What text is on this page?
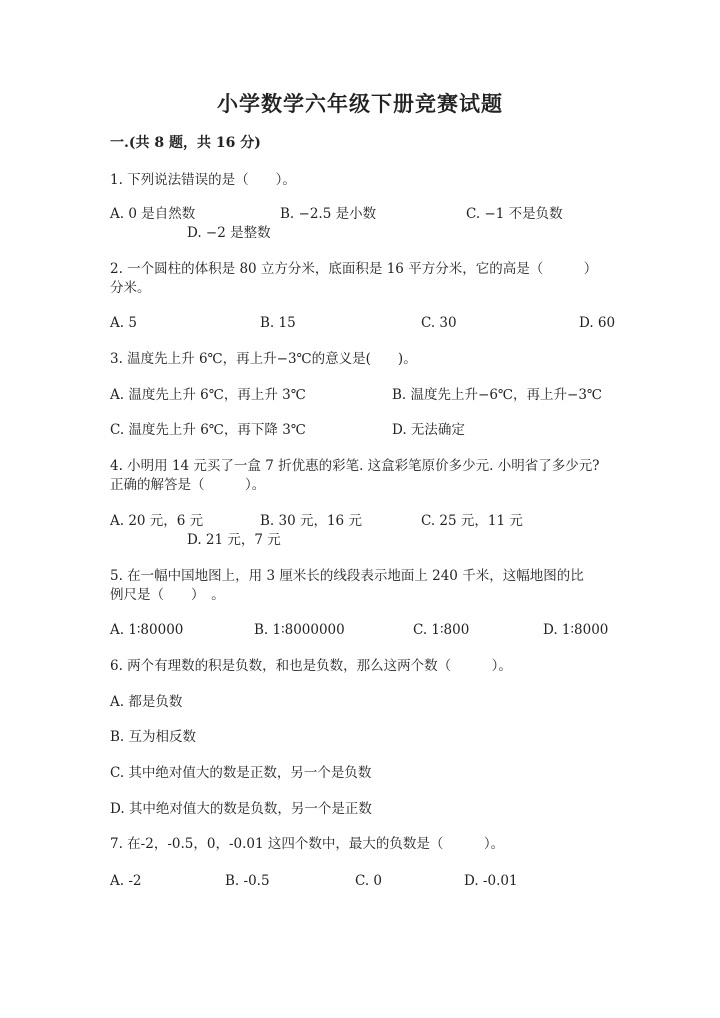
小学数学六年级下册竞赛试题
一.(共 8 题，共 16 分)
1. 下列说法错误的是（　　）。
A. 0 是自然数	B. −2.5 是小数	C. −1 不是负数
D. −2 是整数
2. 一个圆柱的体积是 80 立方分米，底面积是 16 平方分米，它的高是（　　　）
分米。
A. 5	B. 15	C. 30	D. 60
3. 温度先上升 6℃，再上升−3℃的意义是(　　)。
A. 温度先上升 6℃，再上升 3℃	B. 温度先上升−6℃，再上升−3℃
C. 温度先上升 6℃，再下降 3℃	D. 无法确定
4. 小明用 14 元买了一盒 7 折优惠的彩笔. 这盒彩笔原价多少元. 小明省了多少元?
正确的解答是（　　　）。
A. 20 元，6 元	B. 30 元，16 元	C. 25 元，11 元
D. 21 元，7 元
5. 在一幅中国地图上，用 3 厘米长的线段表示地面上 240 千米，这幅地图的比
例尺是（　　）　。
A. 1∶80000	B. 1∶8000000	C. 1∶800	D. 1∶8000
6. 两个有理数的积是负数，和也是负数，那么这两个数（　　　）。
A. 都是负数
B. 互为相反数
C. 其中绝对值大的数是正数，另一个是负数
D. 其中绝对值大的数是负数，另一个是正数
7. 在-2，-0.5，0，-0.01 这四个数中，最大的负数是（　　　）。
A. -2	B. -0.5	C. 0	D. -0.01
